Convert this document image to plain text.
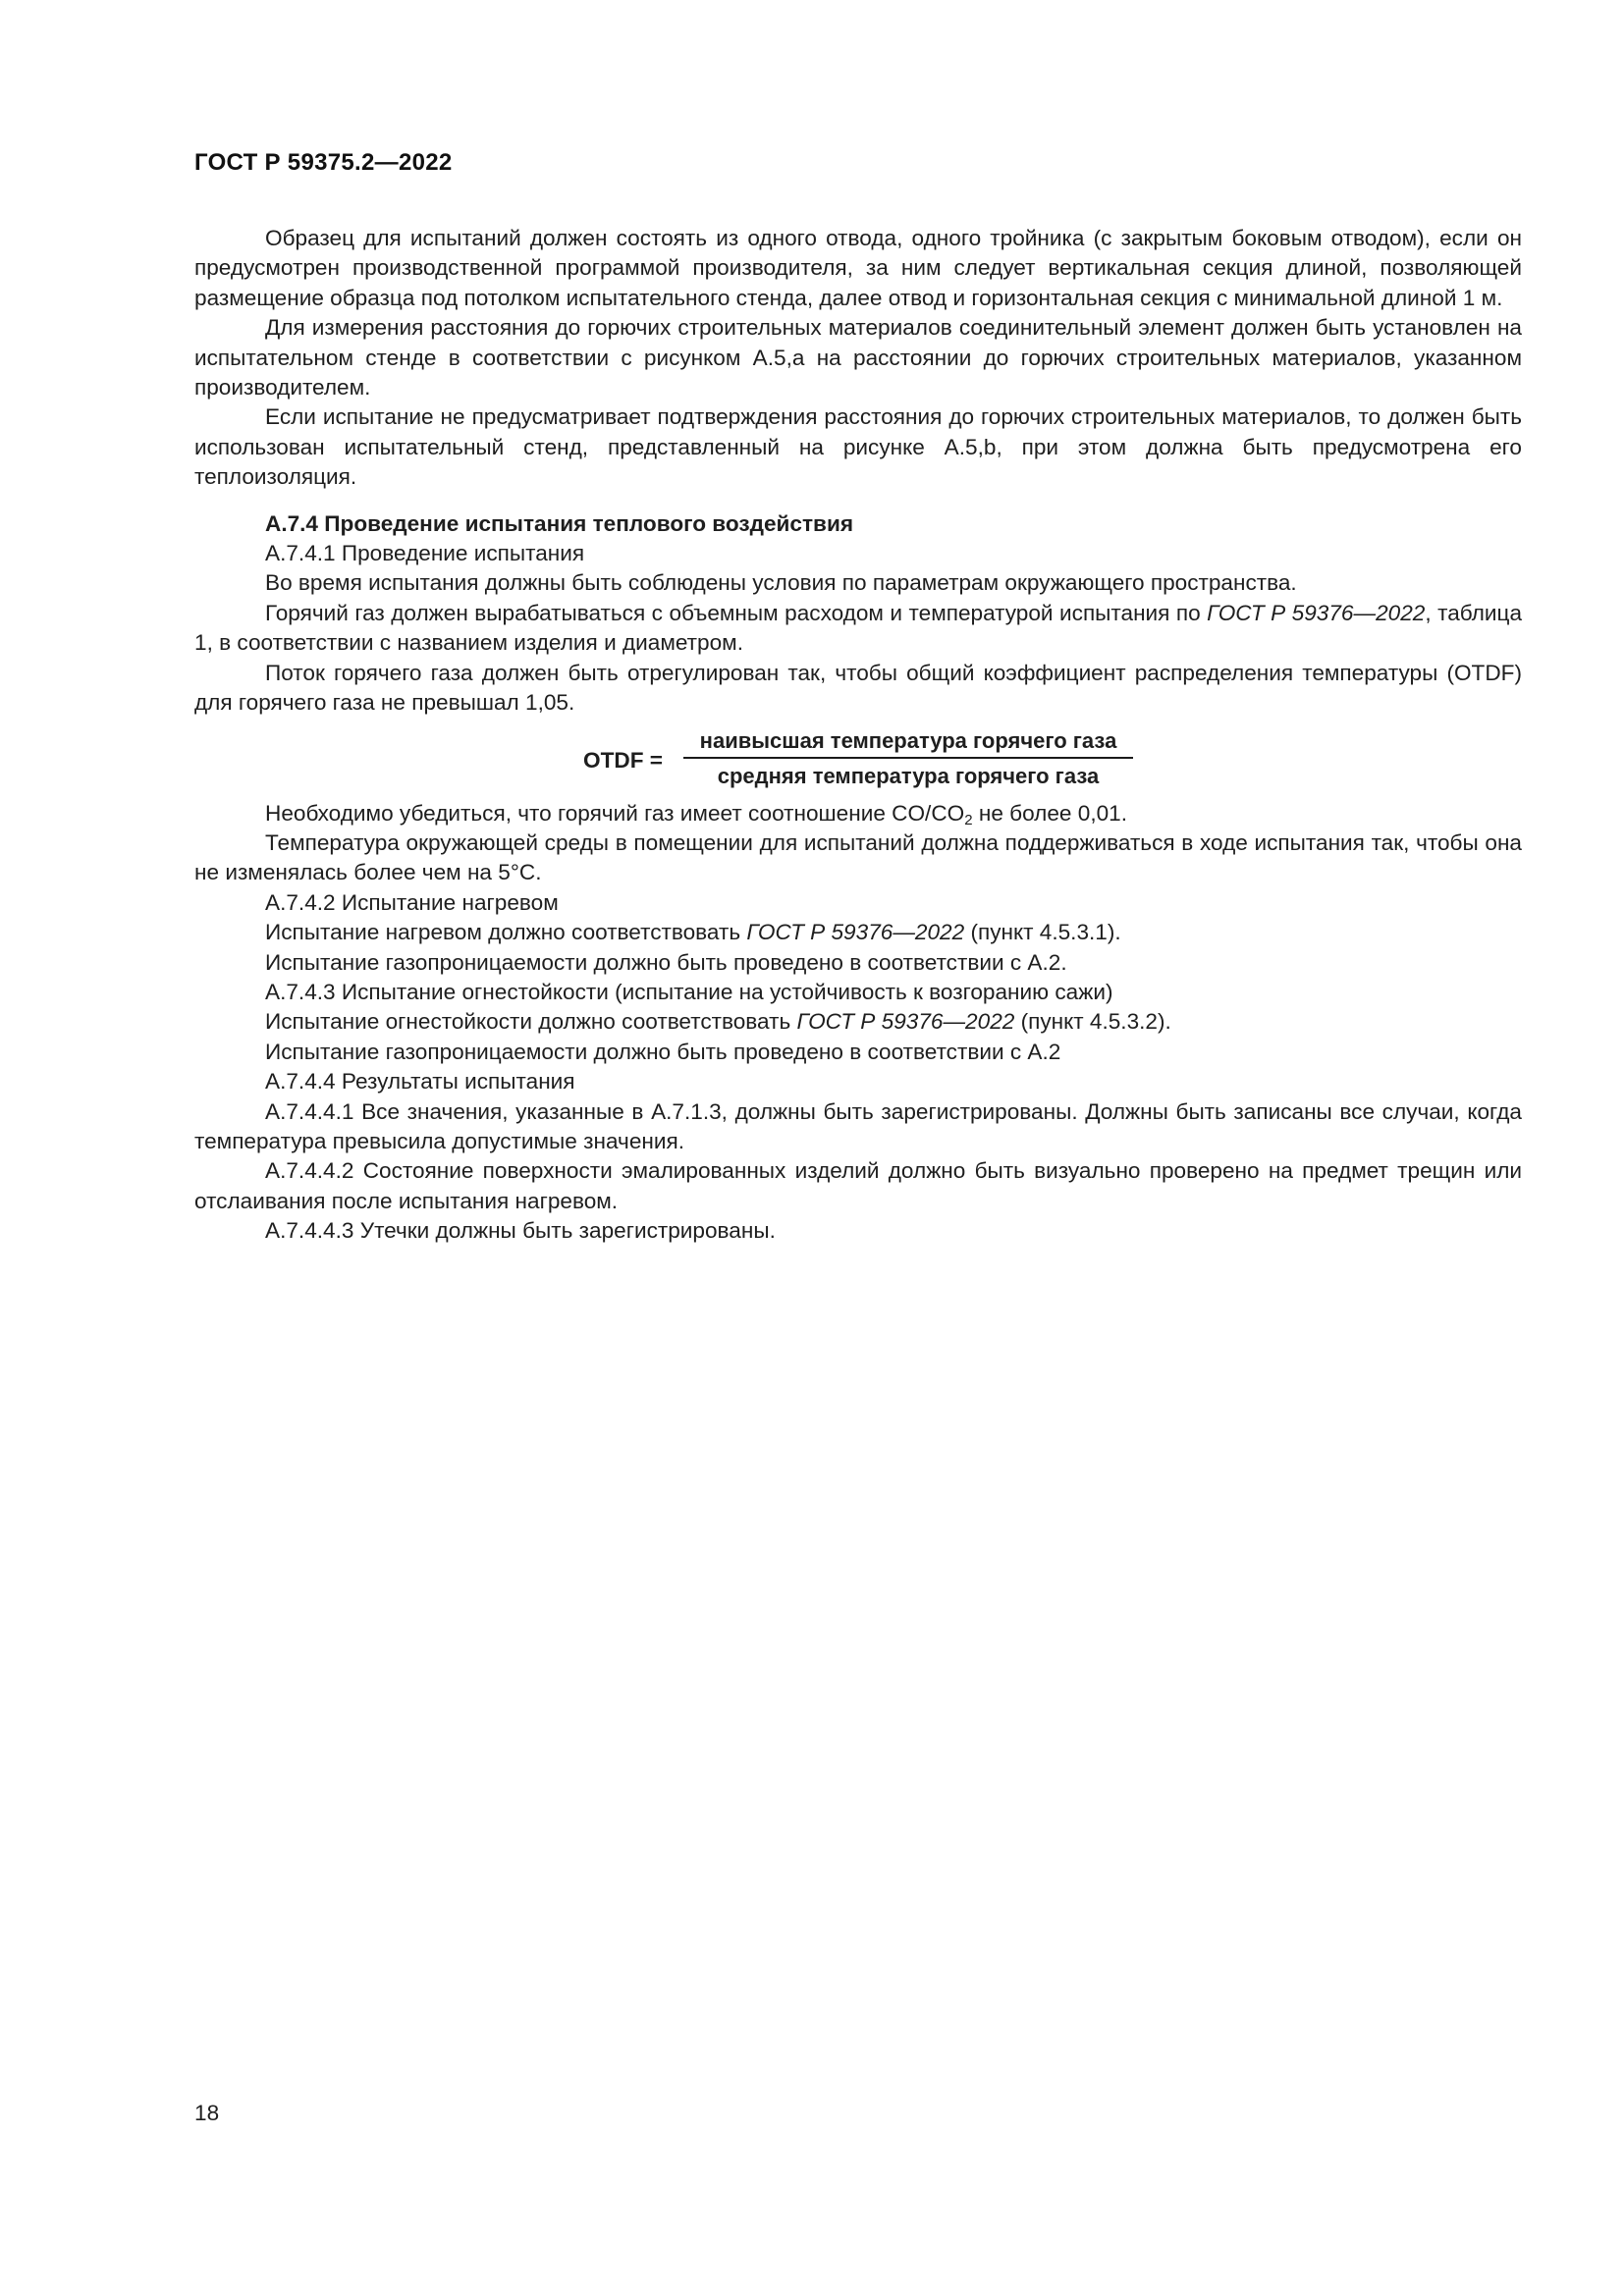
ГОСТ Р 59375.2—2022

Образец для испытаний должен состоять из одного отвода, одного тройника (с закрытым боковым отводом), если он предусмотрен производственной программой производителя, за ним следует вертикальная секция длиной, позволяющей размещение образца под потолком испытательного стенда, далее отвод и горизонтальная секция с минимальной длиной 1 м.

Для измерения расстояния до горючих строительных материалов соединительный элемент должен быть установлен на испытательном стенде в соответствии с рисунком А.5,а на расстоянии до горючих строительных материалов, указанном производителем.

Если испытание не предусматривает подтверждения расстояния до горючих строительных материалов, то должен быть использован испытательный стенд, представленный на рисунке А.5,b, при этом должна быть предусмотрена его теплоизоляция.

А.7.4 Проведение испытания теплового воздействия

А.7.4.1 Проведение испытания

Во время испытания должны быть соблюдены условия по параметрам окружающего пространства.

Горячий газ должен вырабатываться с объемным расходом и температурой испытания по ГОСТ Р 59376—2022, таблица 1, в соответствии с названием изделия и диаметром.

Поток горячего газа должен быть отрегулирован так, чтобы общий коэффициент распределения температуры (OTDF) для горячего газа не превышал 1,05.

OTDF =
наивысшая температура горячего газа
средняя температура горячего газа

Необходимо убедиться, что горячий газ имеет соотношение $CO/CO_2$ не более 0,01.

Температура окружающей среды в помещении для испытаний должна поддерживаться в ходе испытания так, чтобы она не изменялась более чем на 5°С.

А.7.4.2 Испытание нагревом

Испытание нагревом должно соответствовать ГОСТ Р 59376—2022 (пункт 4.5.3.1).

Испытание газопроницаемости должно быть проведено в соответствии с А.2.

А.7.4.3 Испытание огнестойкости (испытание на устойчивость к возгоранию сажи)

Испытание огнестойкости должно соответствовать ГОСТ Р 59376—2022 (пункт 4.5.3.2).

Испытание газопроницаемости должно быть проведено в соответствии с А.2

А.7.4.4 Результаты испытания

А.7.4.4.1 Все значения, указанные в А.7.1.3, должны быть зарегистрированы. Должны быть записаны все случаи, когда температура превысила допустимые значения.

А.7.4.4.2 Состояние поверхности эмалированных изделий должно быть визуально проверено на предмет трещин или отслаивания после испытания нагревом.

А.7.4.4.3 Утечки должны быть зарегистрированы.

18
